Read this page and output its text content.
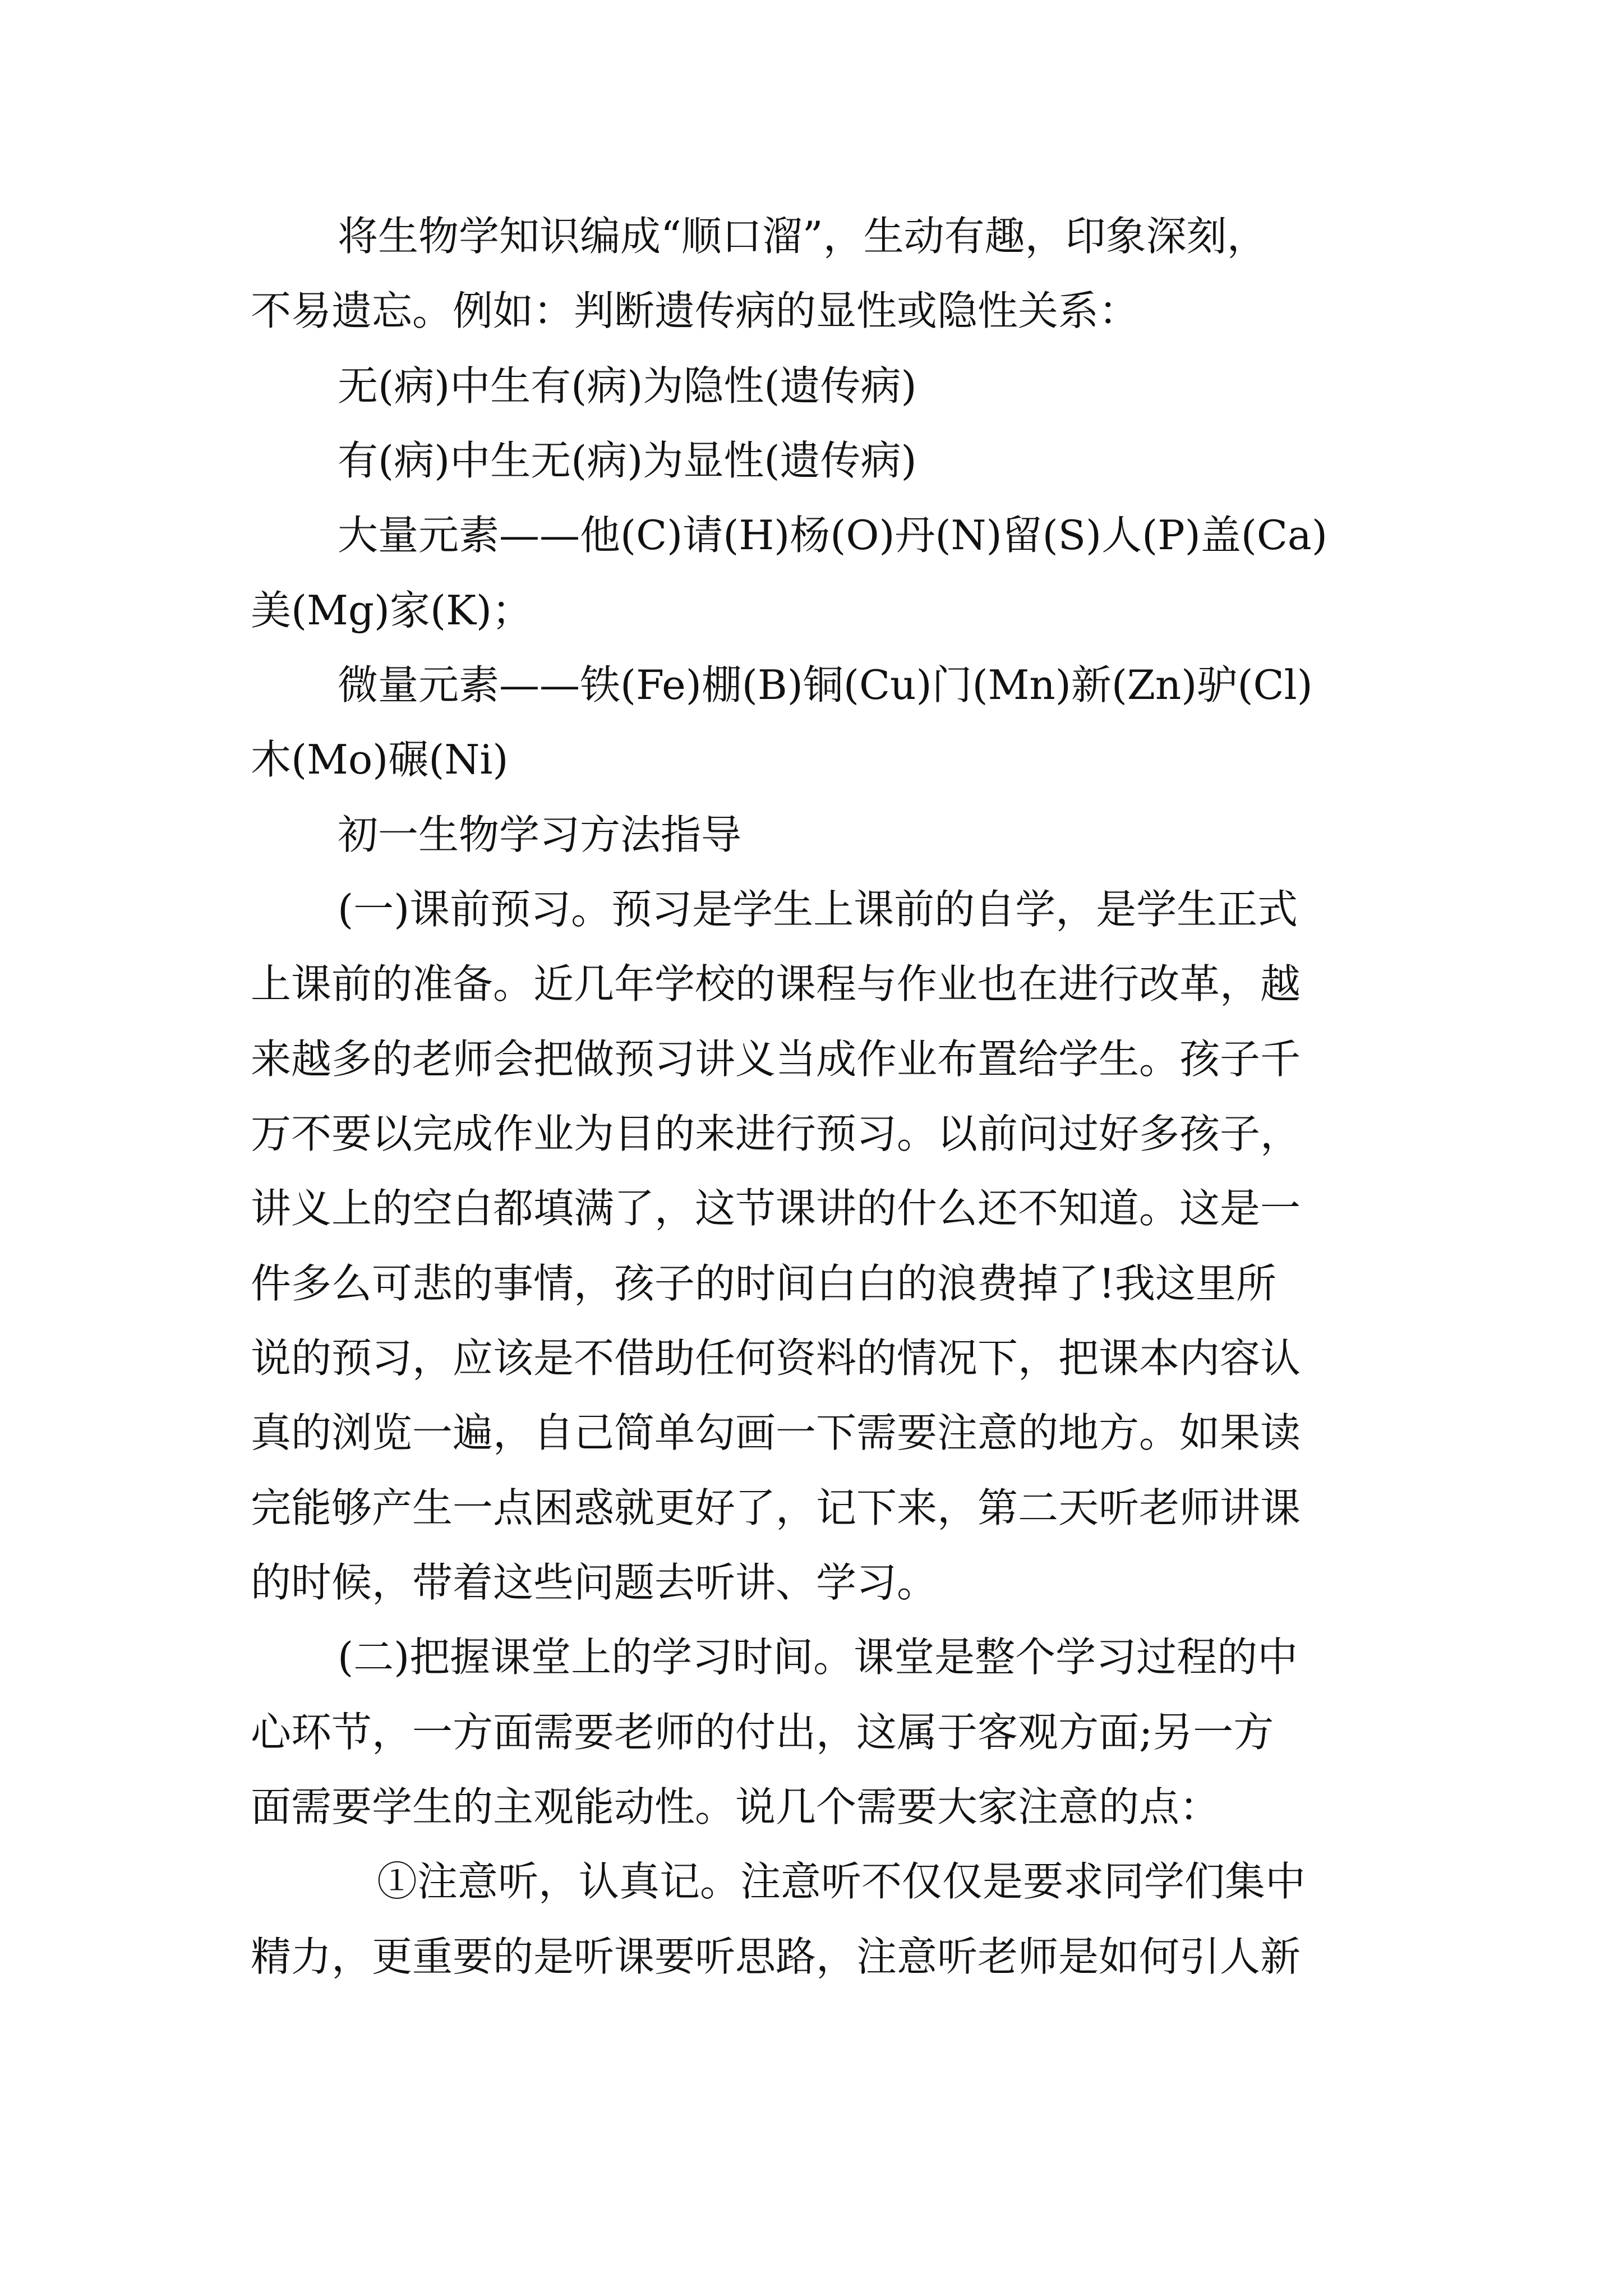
将生物学知识编成“顺口溜”，生动有趣，印象深刻，

不易遗忘。例如：判断遗传病的显性或隐性关系：

无(病)中生有(病)为隐性(遗传病)

有(病)中生无(病)为显性(遗传病)

大量元素——他(C)请(H)杨(O)丹(N)留(S)人(P)盖(Ca)

美(Mg)家(K)；

微量元素——铁(Fe)棚(B)铜(Cu)门(Mn)新(Zn)驴(Cl)

木(Mo)碾(Ni)

初一生物学习方法指导

(一)课前预习。预习是学生上课前的自学，是学生正式

上课前的准备。近几年学校的课程与作业也在进行改革，越

来越多的老师会把做预习讲义当成作业布置给学生。孩子千

万不要以完成作业为目的来进行预习。以前问过好多孩子，

讲义上的空白都填满了，这节课讲的什么还不知道。这是一

件多么可悲的事情，孩子的时间白白的浪费掉了!我这里所

说的预习，应该是不借助任何资料的情况下，把课本内容认

真的浏览一遍，自己简单勾画一下需要注意的地方。如果读

完能够产生一点困惑就更好了，记下来，第二天听老师讲课

的时候，带着这些问题去听讲、学习。

(二)把握课堂上的学习时间。课堂是整个学习过程的中

心环节，一方面需要老师的付出，这属于客观方面;另一方

面需要学生的主观能动性。说几个需要大家注意的点：

①注意听，认真记。注意听不仅仅是要求同学们集中

精力，更重要的是听课要听思路，注意听老师是如何引人新
